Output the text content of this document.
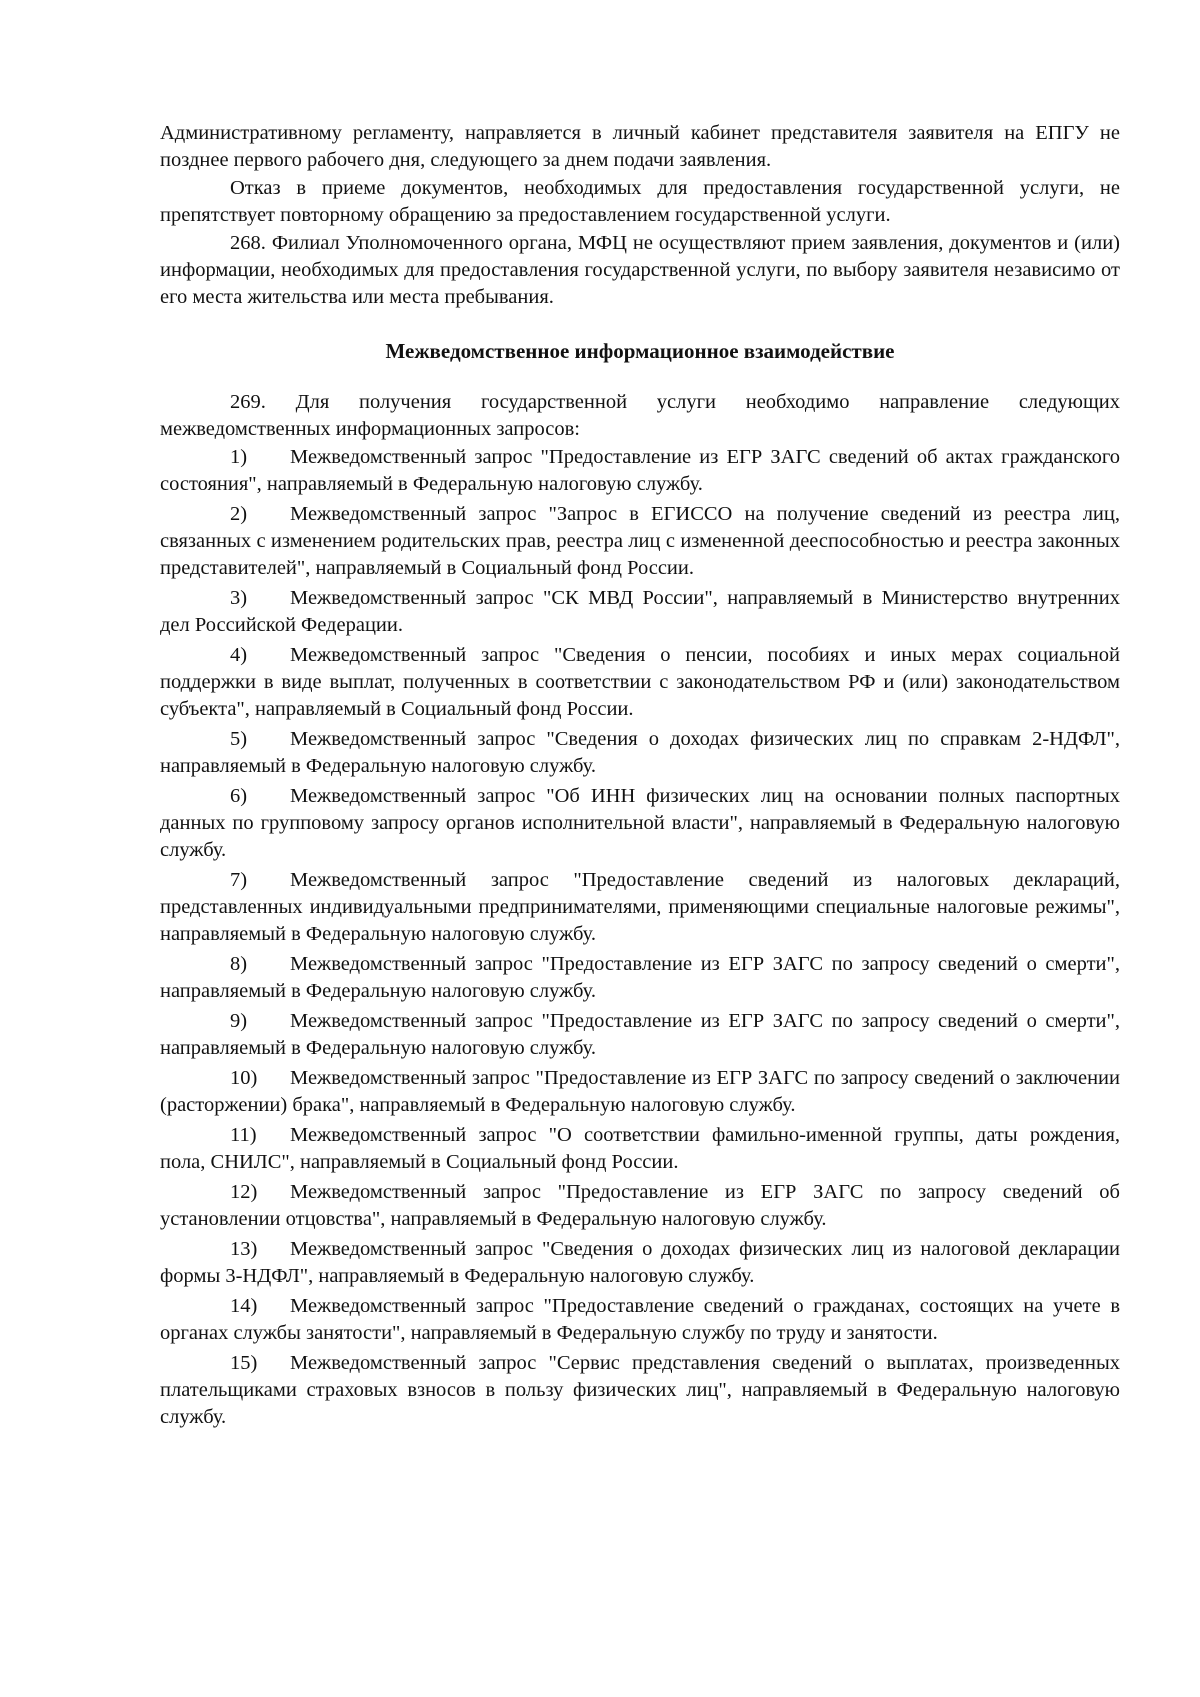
Административному регламенту, направляется в личный кабинет представителя заявителя на ЕПГУ не позднее первого рабочего дня, следующего за днем подачи заявления.

Отказ в приеме документов, необходимых для предоставления государственной услуги, не препятствует повторному обращению за предоставлением государственной услуги.

268. Филиал Уполномоченного органа, МФЦ не осуществляют прием заявления, документов и (или) информации, необходимых для предоставления государственной услуги, по выбору заявителя независимо от его места жительства или места пребывания.

Межведомственное информационное взаимодействие

269. Для получения государственной услуги необходимо направление следующих межведомственных информационных запросов:

1) Межведомственный запрос "Предоставление из ЕГР ЗАГС сведений об актах гражданского состояния", направляемый в Федеральную налоговую службу.

2) Межведомственный запрос "Запрос в ЕГИССО на получение сведений из реестра лиц, связанных с изменением родительских прав, реестра лиц с измененной дееспособностью и реестра законных представителей", направляемый в Социальный фонд России.

3) Межведомственный запрос "СК МВД России", направляемый в Министерство внутренних дел Российской Федерации.

4) Межведомственный запрос "Сведения о пенсии, пособиях и иных мерах социальной поддержки в виде выплат, полученных в соответствии с законодательством РФ и (или) законодательством субъекта", направляемый в Социальный фонд России.

5) Межведомственный запрос "Сведения о доходах физических лиц по справкам 2-НДФЛ", направляемый в Федеральную налоговую службу.

6) Межведомственный запрос "Об ИНН физических лиц на основании полных паспортных данных по групповому запросу органов исполнительной власти", направляемый в Федеральную налоговую службу.

7) Межведомственный запрос "Предоставление сведений из налоговых деклараций, представленных индивидуальными предпринимателями, применяющими специальные налоговые режимы", направляемый в Федеральную налоговую службу.

8) Межведомственный запрос "Предоставление из ЕГР ЗАГС по запросу сведений о смерти", направляемый в Федеральную налоговую службу.

9) Межведомственный запрос "Предоставление из ЕГР ЗАГС по запросу сведений о смерти", направляемый в Федеральную налоговую службу.

10) Межведомственный запрос "Предоставление из ЕГР ЗАГС по запросу сведений о заключении (расторжении) брака", направляемый в Федеральную налоговую службу.

11) Межведомственный запрос "О соответствии фамильно-именной группы, даты рождения, пола, СНИЛС", направляемый в Социальный фонд России.

12) Межведомственный запрос "Предоставление из ЕГР ЗАГС по запросу сведений об установлении отцовства", направляемый в Федеральную налоговую службу.

13) Межведомственный запрос "Сведения о доходах физических лиц из налоговой декларации формы 3-НДФЛ", направляемый в Федеральную налоговую службу.

14) Межведомственный запрос "Предоставление сведений о гражданах, состоящих на учете в органах службы занятости", направляемый в Федеральную службу по труду и занятости.

15) Межведомственный запрос "Сервис представления сведений о выплатах, произведенных плательщиками страховых взносов в пользу физических лиц", направляемый в Федеральную налоговую службу.
